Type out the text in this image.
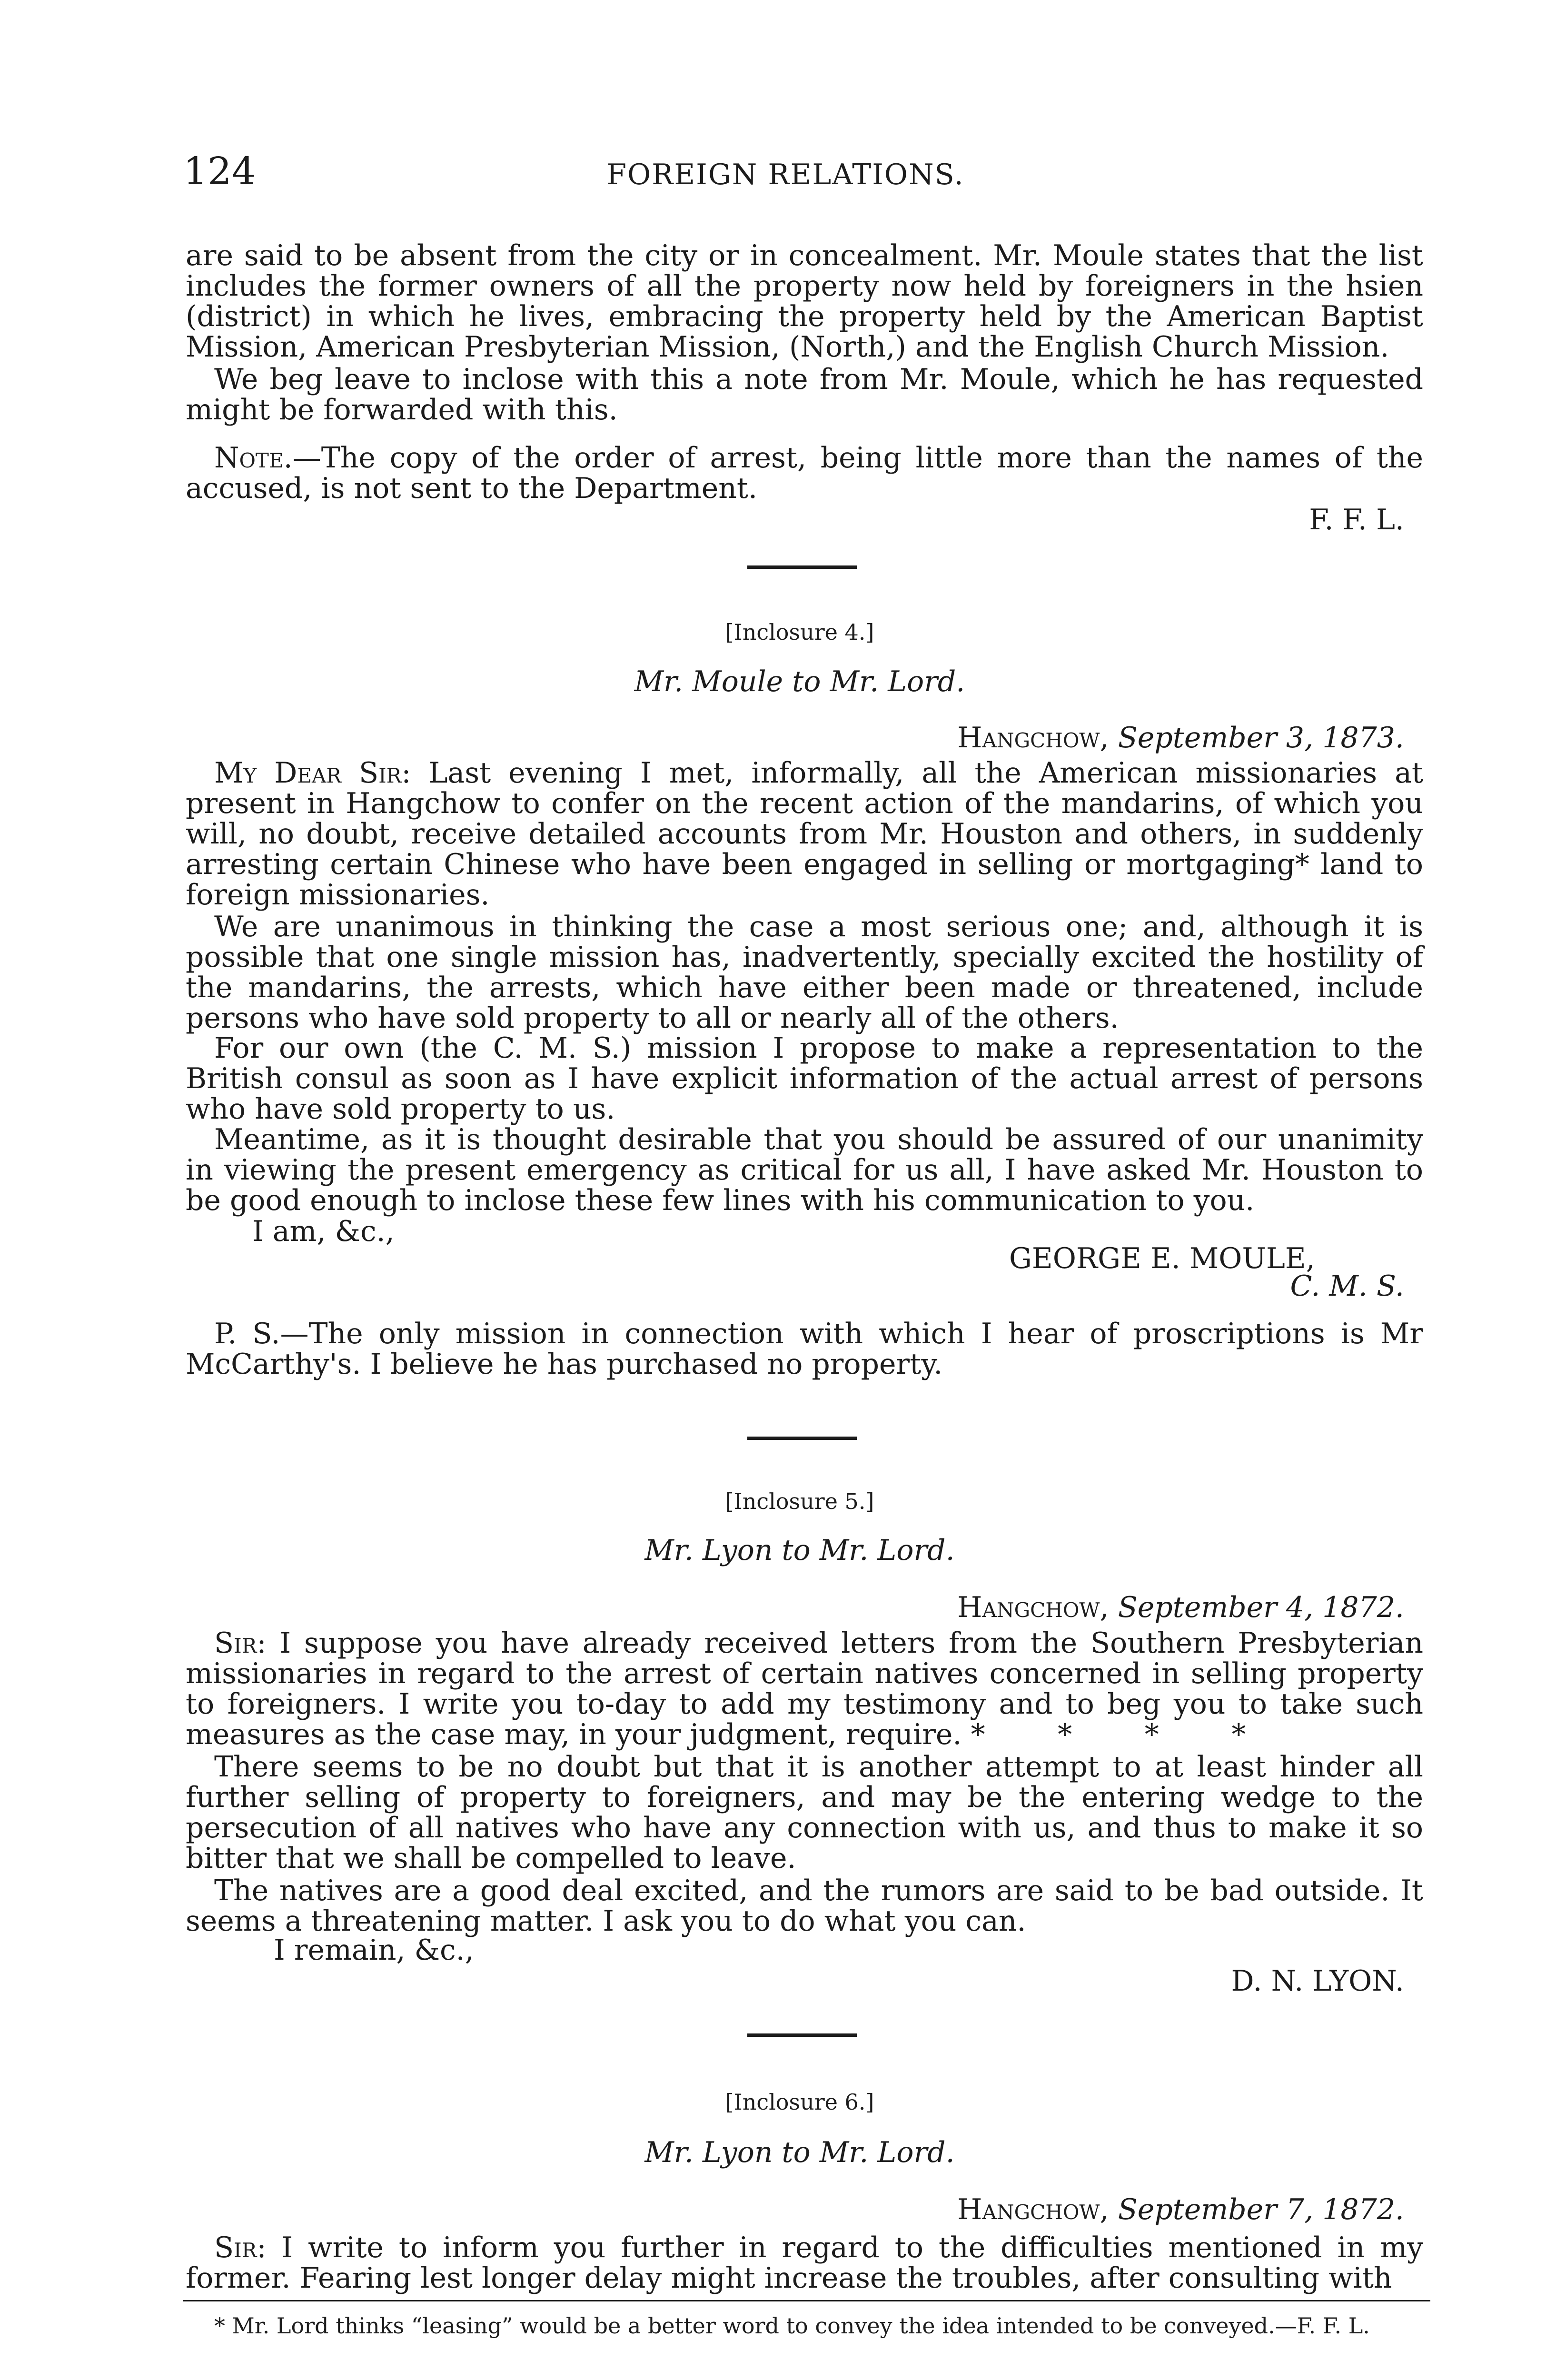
124	FOREIGN RELATIONS.
are said to be absent from the city or in concealment. Mr. Moule states that the list includes the former owners of all the property now held by foreigners in the hsien (district) in which he lives, embracing the property held by the American Baptist Mission, American Presbyterian Mission, (North,) and the English Church Mission.
We beg leave to inclose with this a note from Mr. Moule, which he has requested might be forwarded with this.
Note.—The copy of the order of arrest, being little more than the names of the accused, is not sent to the Department.
F. F. L.
[Inclosure 4.]
Mr. Moule to Mr. Lord.
Hangchow, September 3, 1873.
My Dear Sir: Last evening I met, informally, all the American missionaries at present in Hangchow to confer on the recent action of the mandarins, of which you will, no doubt, receive detailed accounts from Mr. Houston and others, in suddenly arresting certain Chinese who have been engaged in selling or mortgaging* land to foreign missionaries.
We are unanimous in thinking the case a most serious one; and, although it is possible that one single mission has, inadvertently, specially excited the hostility of the mandarins, the arrests, which have either been made or threatened, include persons who have sold property to all or nearly all of the others.
For our own (the C. M. S.) mission I propose to make a representation to the British consul as soon as I have explicit information of the actual arrest of persons who have sold property to us.
Meantime, as it is thought desirable that you should be assured of our unanimity in viewing the present emergency as critical for us all, I have asked Mr. Houston to be good enough to inclose these few lines with his communication to you.
I am, &c.,
GEORGE E. MOULE,
C. M. S.
P. S.—The only mission in connection with which I hear of proscriptions is Mr McCarthy's. I believe he has purchased no property.
[Inclosure 5.]
Mr. Lyon to Mr. Lord.
Hangchow, September 4, 1872.
Sir: I suppose you have already received letters from the Southern Presbyterian missionaries in regard to the arrest of certain natives concerned in selling property to foreigners. I write you to-day to add my testimony and to beg you to take such measures as the case may, in your judgment, require. *        *        *        *
There seems to be no doubt but that it is another attempt to at least hinder all further selling of property to foreigners, and may be the entering wedge to the persecution of all natives who have any connection with us, and thus to make it so bitter that we shall be compelled to leave.
The natives are a good deal excited, and the rumors are said to be bad outside. It seems a threatening matter. I ask you to do what you can.
I remain, &c.,
D. N. LYON.
[Inclosure 6.]
Mr. Lyon to Mr. Lord.
Hangchow, September 7, 1872.
Sir: I write to inform you further in regard to the difficulties mentioned in my former. Fearing lest longer delay might increase the troubles, after consulting with
* Mr. Lord thinks “leasing” would be a better word to convey the idea intended to be conveyed.—F. F. L.
